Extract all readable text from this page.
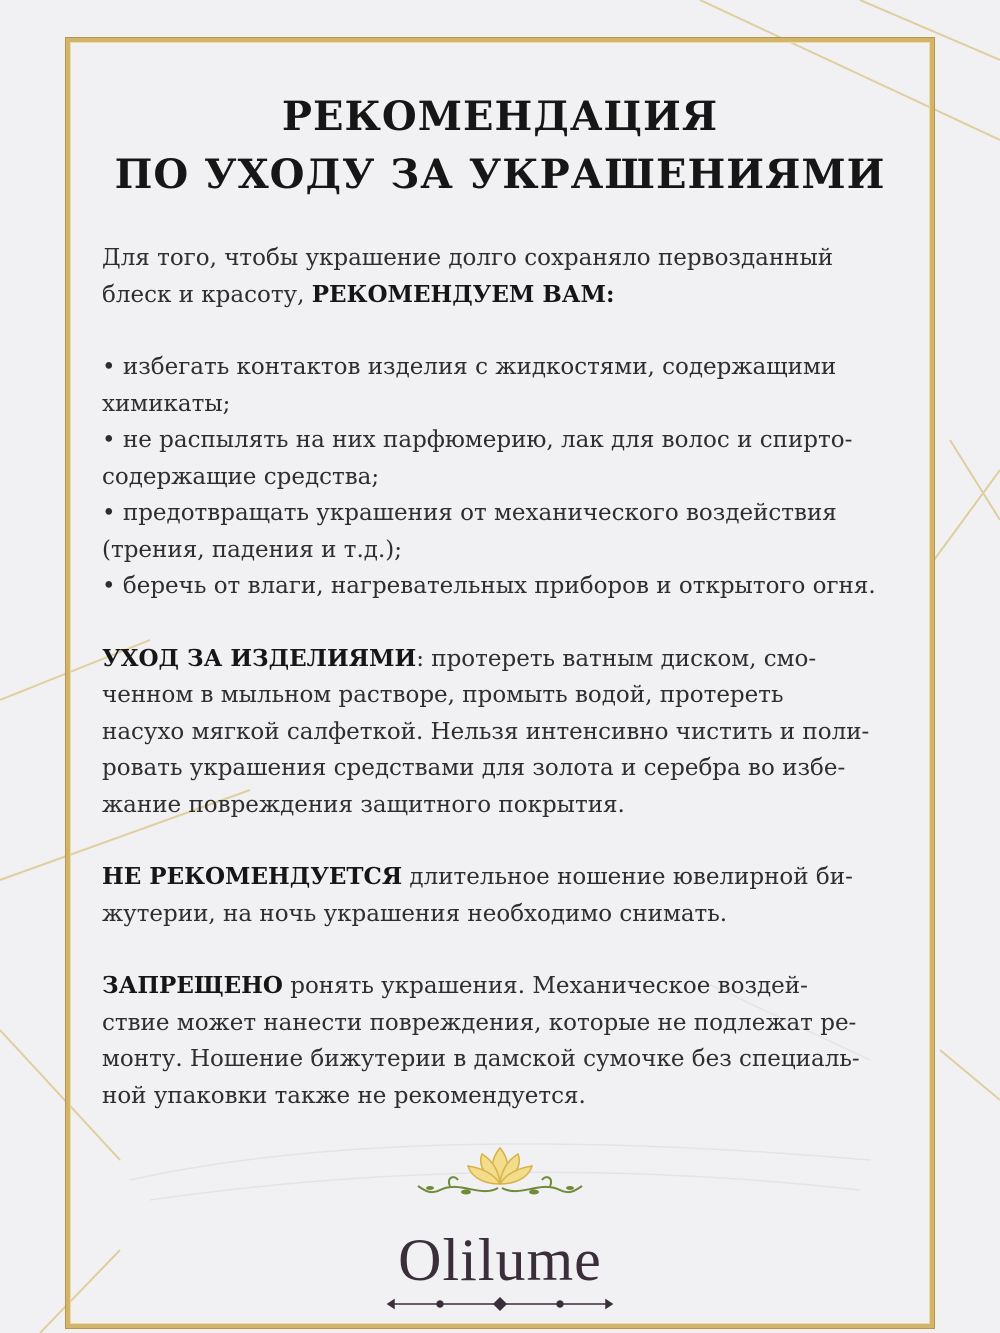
РЕКОМЕНДАЦИЯ
ПО УХОДУ ЗА УКРАШЕНИЯМИ

Для того, чтобы украшение долго сохраняло первозданный

блеск и красоту, РЕКОМЕНДУЕМ ВАМ:

• избегать контактов изделия с жидкостями, содержащими

химикаты;

• не распылять на них парфюмерию, лак для волос и спирто-

содержащие средства;

• предотвращать украшения от механического воздействия

(трения, падения и т.д.);

• беречь от влаги, нагревательных приборов и открытого огня.

УХОД ЗА ИЗДЕЛИЯМИ: протереть ватным диском, смо-

ченном в мыльном растворе, промыть водой, протереть

насухо мягкой салфеткой. Нельзя интенсивно чистить и поли-

ровать украшения средствами для золота и серебра во избе-

жание повреждения защитного покрытия.

НЕ РЕКОМЕНДУЕТСЯ длительное ношение ювелирной би-

жутерии, на ночь украшения необходимо снимать.

ЗАПРЕЩЕНО ронять украшения. Механическое воздей-

ствие может нанести повреждения, которые не подлежат ре-

монту. Ношение бижутерии в дамской сумочке без специаль-

ной упаковки также не рекомендуется.

Olilume
